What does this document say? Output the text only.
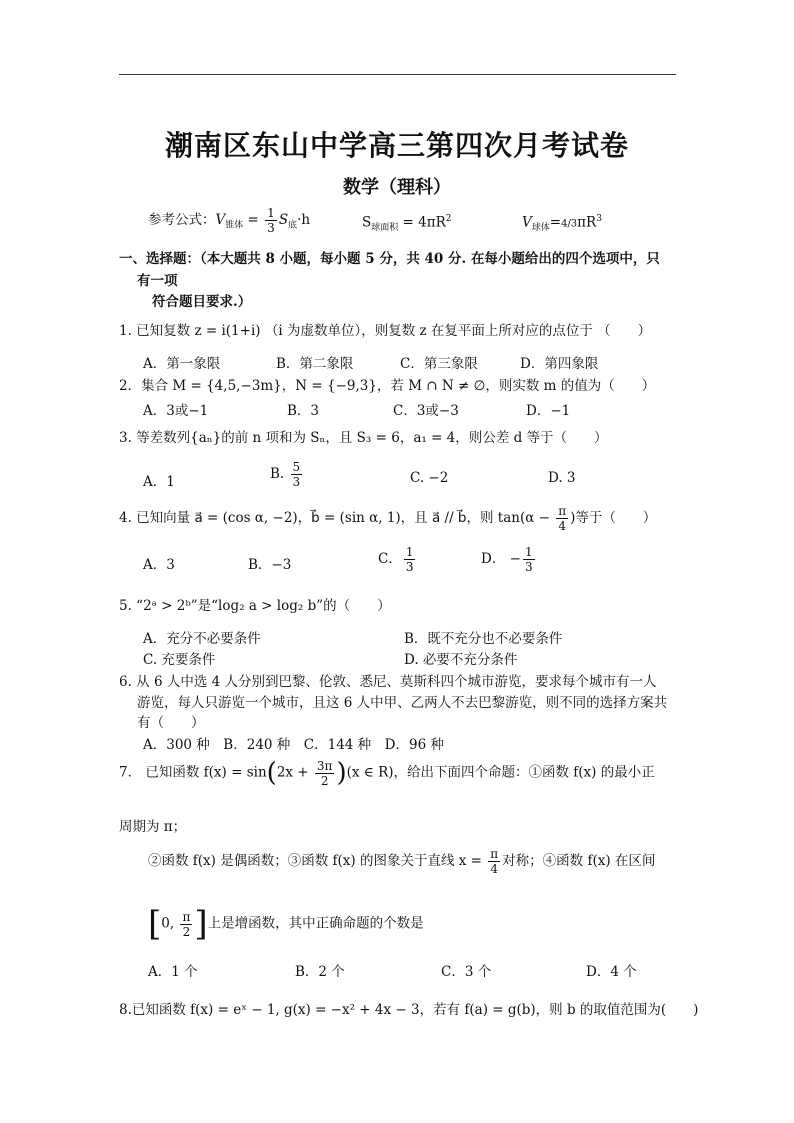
潮南区东山中学高三第四次月考试卷
数学（理科）
参考公式：$V_{锥体} = \frac{1}{3} S_底\cdot h$	$S_{球面积} = 4\pi R^2$	$V_{球体}=4/3\pi R^3$
一、选择题：（本大题共 8 小题，每小题 5 分，共 40 分. 在每小题给出的四个选项中，只
有一项
符合题目要求.）
1. 已知复数 z = i(1+i) （i 为虚数单位），则复数 z 在复平面上所对应的点位于 （　　）
A．第一象限	B．第二象限	C．第三象限	D．第四象限
2．集合 M = {4,5,−3m}，N = {−9,3}，若 M ∩ N ≠ ∅，则实数 m 的值为（　　）
A．3或−1	B．3	C．3或−3	D．−1
3. 等差数列{aₙ}的前 n 项和为 Sₙ，且 S₃ = 6，a₁ = 4，则公差 d 等于（　　）
A．1	B. $\frac{5}{3}$	C. −2	D. 3
4. 已知向量 a⃗ = (cos α, −2)，b⃗ = (sin α, 1)，且 a⃗ // b⃗，则 $\tan(\alpha - \frac{\pi}{4}$ )等于（　　）
A．3	B．−3	C． $\frac{1}{3}$	D． − $\frac{1}{3}$
5. “2ᵃ > 2ᵇ”是“log₂ a > log₂ b”的（　　）
A．充分不必要条件	B．既不充分也不必要条件
C. 充要条件	D. 必要不充分条件
6. 从 6 人中选 4 人分别到巴黎、伦敦、悉尼、莫斯科四个城市游览，要求每个城市有一人
游览，每人只游览一个城市，且这 6 人中甲、乙两人不去巴黎游览，则不同的选择方案共
有（　　）
A．300 种　B．240 种　C．144 种　D．96 种
7． 已知函数 $f(x) = \sin(2x + \frac{3\pi}{2} )(x$ ∈ R)，给出下面四个命题：①函数 f(x) 的最小正
周期为 π；
②函数 f(x) 是偶函数；③函数 f(x) 的图象关于直线 $x = \frac{\pi}{4}$ 对称；④函数 f(x) 在区间
[0, $\frac{\pi}{2}$ ]上是增函数，其中正确命题的个数是
A．1 个	B．2 个	C．3 个	D．4 个
8.已知函数 f(x) = eˣ − 1, g(x) = −x² + 4x − 3，若有 f(a) = g(b)，则 b 的取值范围为(　　)
